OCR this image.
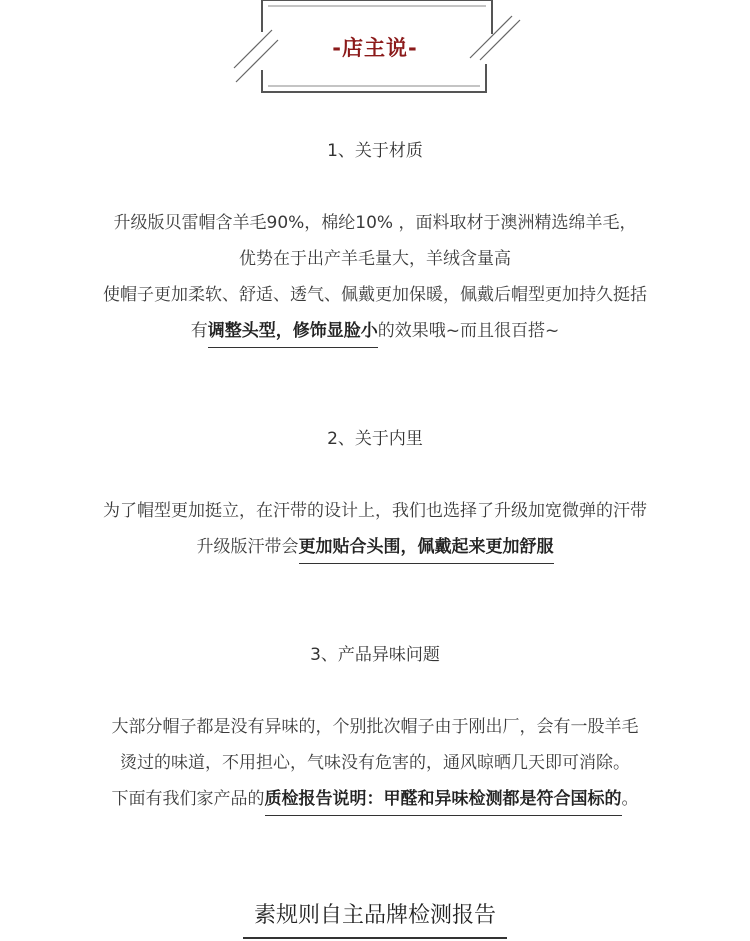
-店主说-
1、关于材质
升级版贝雷帽含羊毛90%，棉纶10% ，面料取材于澳洲精选绵羊毛，
优势在于出产羊毛量大，羊绒含量高
使帽子更加柔软、舒适、透气、佩戴更加保暖，佩戴后帽型更加持久挺括
有调整头型，修饰显脸小的效果哦~而且很百搭~
2、关于内里
为了帽型更加挺立，在汗带的设计上，我们也选择了升级加宽微弹的汗带
升级版汗带会更加贴合头围，佩戴起来更加舒服
3、产品异味问题
大部分帽子都是没有异味的，个别批次帽子由于刚出厂，会有一股羊毛
烫过的味道，不用担心，气味没有危害的，通风晾晒几天即可消除。
下面有我们家产品的质检报告说明：甲醛和异味检测都是符合国标的。
素规则自主品牌检测报告
